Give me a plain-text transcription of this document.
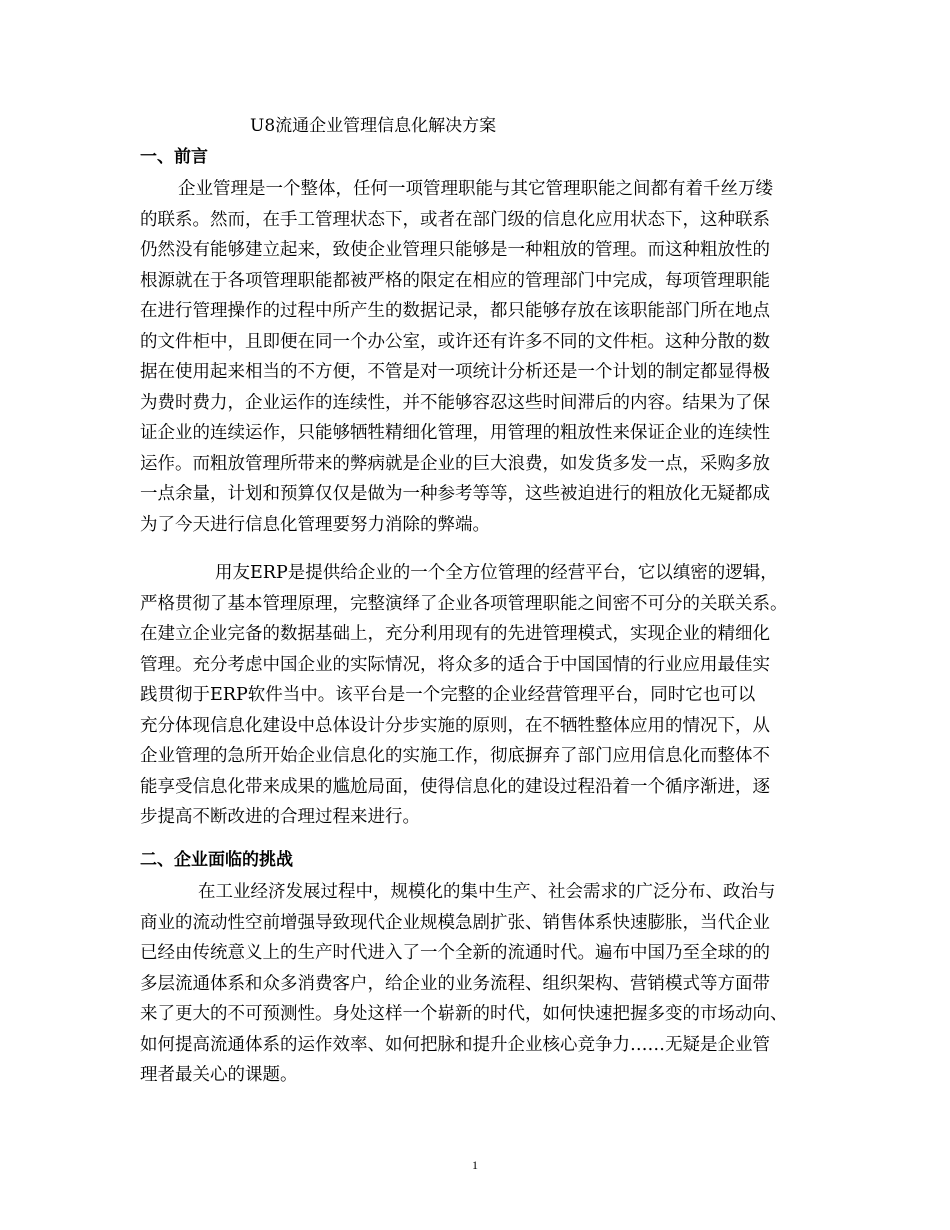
U8流通企业管理信息化解决方案
一、前言
企业管理是一个整体，任何一项管理职能与其它管理职能之间都有着千丝万缕
的联系。然而，在手工管理状态下，或者在部门级的信息化应用状态下，这种联系
仍然没有能够建立起来，致使企业管理只能够是一种粗放的管理。而这种粗放性的
根源就在于各项管理职能都被严格的限定在相应的管理部门中完成，每项管理职能
在进行管理操作的过程中所产生的数据记录，都只能够存放在该职能部门所在地点
的文件柜中，且即便在同一个办公室，或许还有许多不同的文件柜。这种分散的数
据在使用起来相当的不方便，不管是对一项统计分析还是一个计划的制定都显得极
为费时费力，企业运作的连续性，并不能够容忍这些时间滞后的内容。结果为了保
证企业的连续运作，只能够牺牲精细化管理，用管理的粗放性来保证企业的连续性
运作。而粗放管理所带来的弊病就是企业的巨大浪费，如发货多发一点，采购多放
一点余量，计划和预算仅仅是做为一种参考等等，这些被迫进行的粗放化无疑都成
为了今天进行信息化管理要努力消除的弊端。
用友ERP是提供给企业的一个全方位管理的经营平台，它以缜密的逻辑，
严格贯彻了基本管理原理，完整演绎了企业各项管理职能之间密不可分的关联关系。
在建立企业完备的数据基础上，充分利用现有的先进管理模式，实现企业的精细化
管理。充分考虑中国企业的实际情况，将众多的适合于中国国情的行业应用最佳实
践贯彻于ERP软件当中。该平台是一个完整的企业经营管理平台，同时它也可以
充分体现信息化建设中总体设计分步实施的原则，在不牺牲整体应用的情况下，从
企业管理的急所开始企业信息化的实施工作，彻底摒弃了部门应用信息化而整体不
能享受信息化带来成果的尴尬局面，使得信息化的建设过程沿着一个循序渐进，逐
步提高不断改进的合理过程来进行。
二、企业面临的挑战
在工业经济发展过程中，规模化的集中生产、社会需求的广泛分布、政治与
商业的流动性空前增强导致现代企业规模急剧扩张、销售体系快速膨胀，当代企业
已经由传统意义上的生产时代进入了一个全新的流通时代。遍布中国乃至全球的的
多层流通体系和众多消费客户，给企业的业务流程、组织架构、营销模式等方面带
来了更大的不可预测性。身处这样一个崭新的时代，如何快速把握多变的市场动向、
如何提高流通体系的运作效率、如何把脉和提升企业核心竞争力……无疑是企业管
理者最关心的课题。
1
